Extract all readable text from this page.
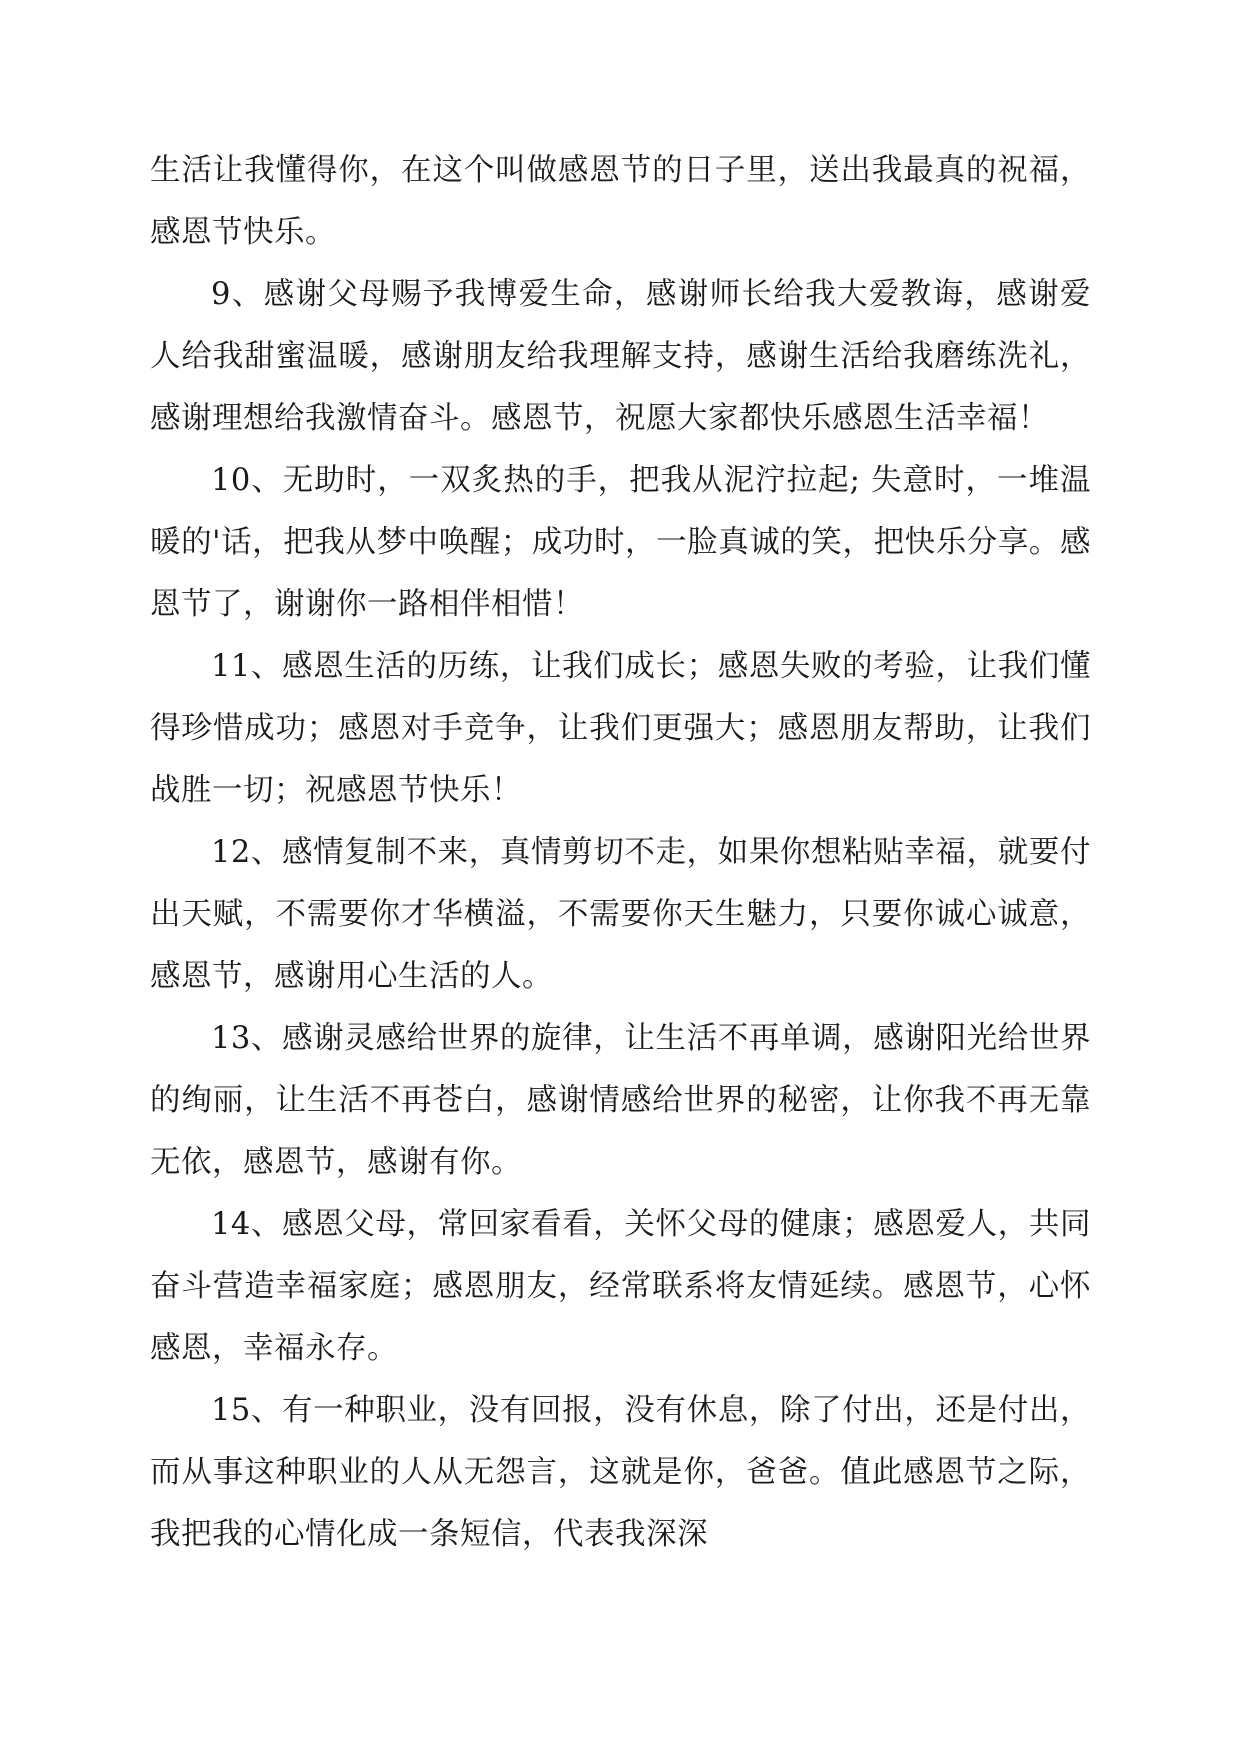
生活让我懂得你，在这个叫做感恩节的日子里，送出我最真的祝福，感恩节快乐。

9、感谢父母赐予我博爱生命，感谢师长给我大爱教诲，感谢爱人给我甜蜜温暖，感谢朋友给我理解支持，感谢生活给我磨练洗礼，感谢理想给我激情奋斗。感恩节，祝愿大家都快乐感恩生活幸福！

10、无助时，一双炙热的手，把我从泥泞拉起; 失意时，一堆温暖的'话，把我从梦中唤醒；成功时，一脸真诚的笑，把快乐分享。感恩节了，谢谢你一路相伴相惜！

11、感恩生活的历练，让我们成长；感恩失败的考验，让我们懂得珍惜成功；感恩对手竞争，让我们更强大；感恩朋友帮助，让我们战胜一切；祝感恩节快乐！

12、感情复制不来，真情剪切不走，如果你想粘贴幸福，就要付出天赋，不需要你才华横溢，不需要你天生魅力，只要你诚心诚意，感恩节，感谢用心生活的人。

13、感谢灵感给世界的旋律，让生活不再单调，感谢阳光给世界的绚丽，让生活不再苍白，感谢情感给世界的秘密，让你我不再无靠无依，感恩节，感谢有你。

14、感恩父母，常回家看看，关怀父母的健康；感恩爱人，共同奋斗营造幸福家庭；感恩朋友，经常联系将友情延续。感恩节，心怀感恩，幸福永存。

15、有一种职业，没有回报，没有休息，除了付出，还是付出，而从事这种职业的人从无怨言，这就是你，爸爸。值此感恩节之际，我把我的心情化成一条短信，代表我深深
